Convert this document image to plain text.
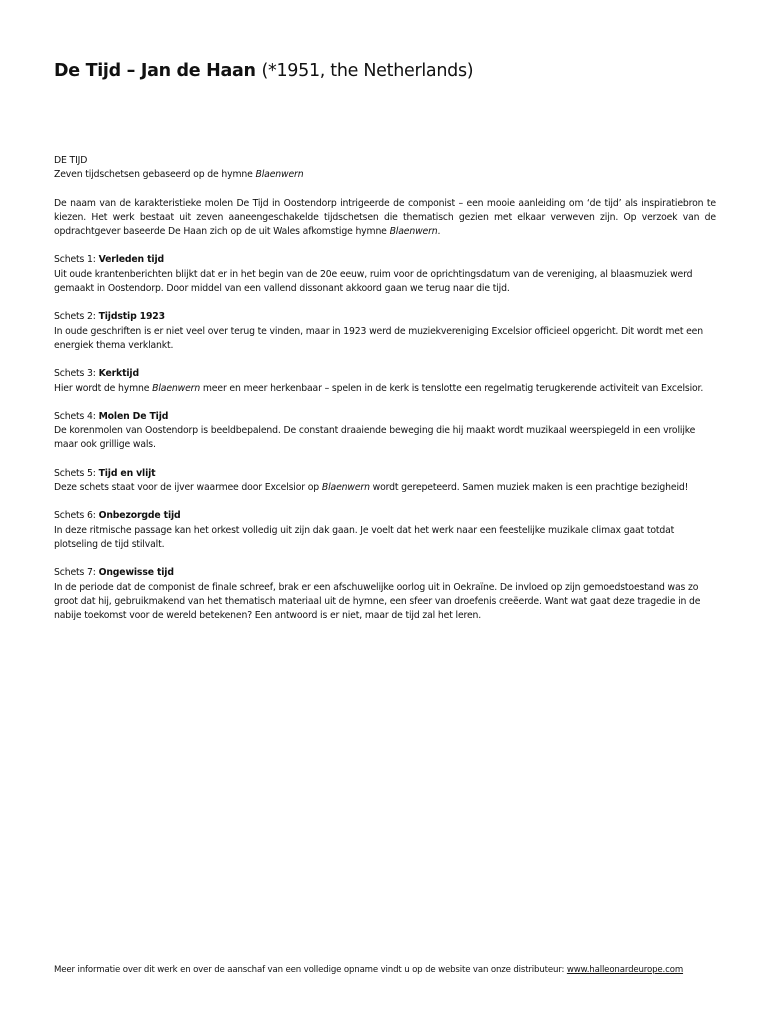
De Tijd – Jan de Haan (*1951, the Netherlands)

DE TIJD

Zeven tijdschetsen gebaseerd op de hymne Blaenwern

De naam van de karakteristieke molen De Tijd in Oostendorp intrigeerde de componist – een mooie aanleiding om ‘de tijd’ als inspiratiebron te kiezen. Het werk bestaat uit zeven aaneengeschakelde tijdschetsen die thematisch gezien met elkaar verweven zijn. Op verzoek van de opdrachtgever baseerde De Haan zich op de uit Wales afkomstige hymne Blaenwern.

Schets 1: Verleden tijd

Uit oude krantenberichten blijkt dat er in het begin van de 20e eeuw, ruim voor de oprichtingsdatum van de vereniging, al blaasmuziek werd gemaakt in Oostendorp. Door middel van een vallend dissonant akkoord gaan we terug naar die tijd.

Schets 2: Tijdstip 1923

In oude geschriften is er niet veel over terug te vinden, maar in 1923 werd de muziekvereniging Excelsior officieel opgericht. Dit wordt met een energiek thema verklankt.

Schets 3: Kerktijd

Hier wordt de hymne Blaenwern meer en meer herkenbaar – spelen in de kerk is tenslotte een regelmatig terugkerende activiteit van Excelsior.

Schets 4: Molen De Tijd

De korenmolen van Oostendorp is beeldbepalend. De constant draaiende beweging die hij maakt wordt muzikaal weerspiegeld in een vrolijke maar ook grillige wals.

Schets 5: Tijd en vlijt

Deze schets staat voor de ijver waarmee door Excelsior op Blaenwern wordt gerepeteerd. Samen muziek maken is een prachtige bezigheid!

Schets 6: Onbezorgde tijd

In deze ritmische passage kan het orkest volledig uit zijn dak gaan. Je voelt dat het werk naar een feestelijke muzikale climax gaat totdat plotseling de tijd stilvalt.

Schets 7: Ongewisse tijd

In de periode dat de componist de finale schreef, brak er een afschuwelijke oorlog uit in Oekraïne. De invloed op zijn gemoedstoestand was zo groot dat hij, gebruikmakend van het thematisch materiaal uit de hymne, een sfeer van droefenis creëerde. Want wat gaat deze tragedie in de nabije toekomst voor de wereld betekenen? Een antwoord is er niet, maar de tijd zal het leren.

Meer informatie over dit werk en over de aanschaf van een volledige opname vindt u op de website van onze distributeur: www.halleonardeurope.com
